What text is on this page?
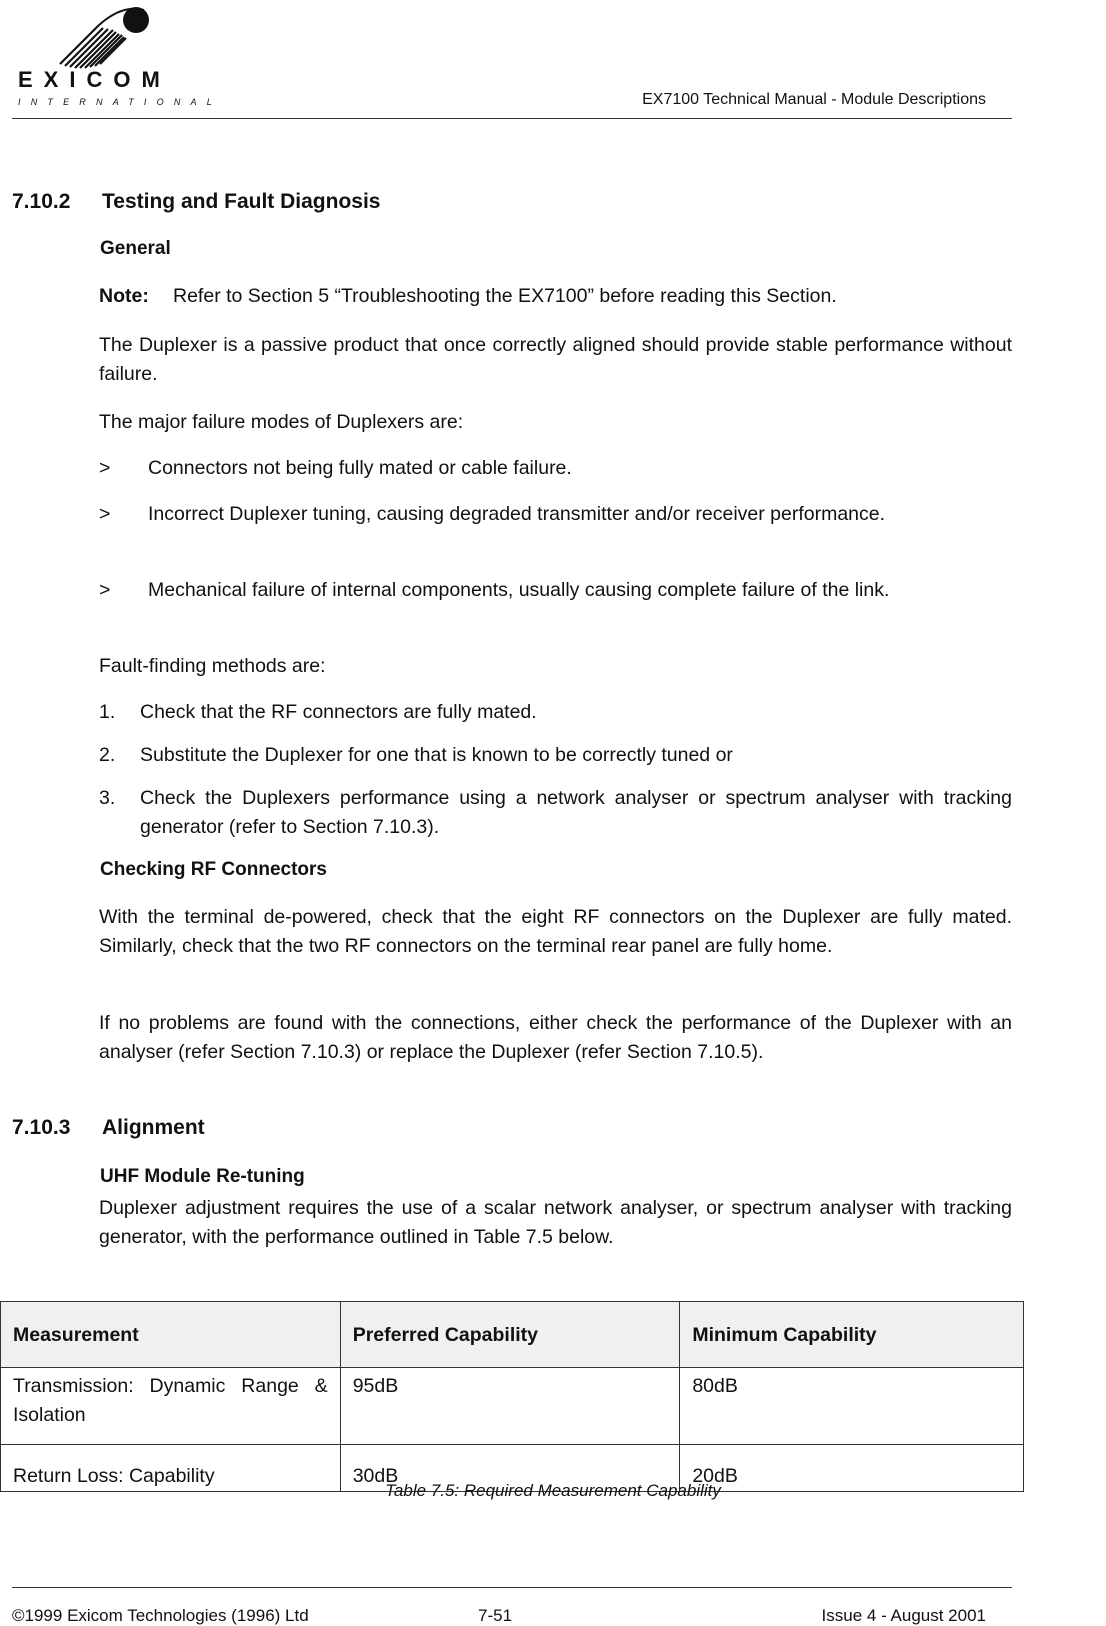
EXICOM
INTERNATIONAL	EX7100 Technical Manual - Module Descriptions
7.10.2 Testing and Fault Diagnosis
General

Note: Refer to Section 5 “Troubleshooting the EX7100” before reading this Section.

The Duplexer is a passive product that once correctly aligned should provide stable performance without failure.

The major failure modes of Duplexers are:

> Connectors not being fully mated or cable failure.
> Incorrect Duplexer tuning, causing degraded transmitter and/or receiver performance.
> Mechanical failure of internal components, usually causing complete failure of the link.

Fault-finding methods are:

1. Check that the RF connectors are fully mated.
2. Substitute the Duplexer for one that is known to be correctly tuned or
3. Check the Duplexers performance using a network analyser or spectrum analyser with tracking generator (refer to Section 7.10.3).
Checking RF Connectors

With the terminal de-powered, check that the eight RF connectors on the Duplexer are fully mated. Similarly, check that the two RF connectors on the terminal rear panel are fully home.

If no problems are found with the connections, either check the performance of the Duplexer with an analyser (refer Section 7.10.3) or replace the Duplexer (refer Section 7.10.5).

7.10.3 Alignment
UHF Module Re-tuning

Duplexer adjustment requires the use of a scalar network analyser, or spectrum analyser with tracking generator, with the performance outlined in Table 7.5 below.

Measurement	Preferred Capability	Minimum Capability
Transmission: Dynamic Range & Isolation	95dB	80dB
Return Loss: Capability	30dB	20dB
Table 7.5: Required Measurement Capability
©1999 Exicom Technologies (1996) Ltd	7-51	Issue 4 - August 2001
